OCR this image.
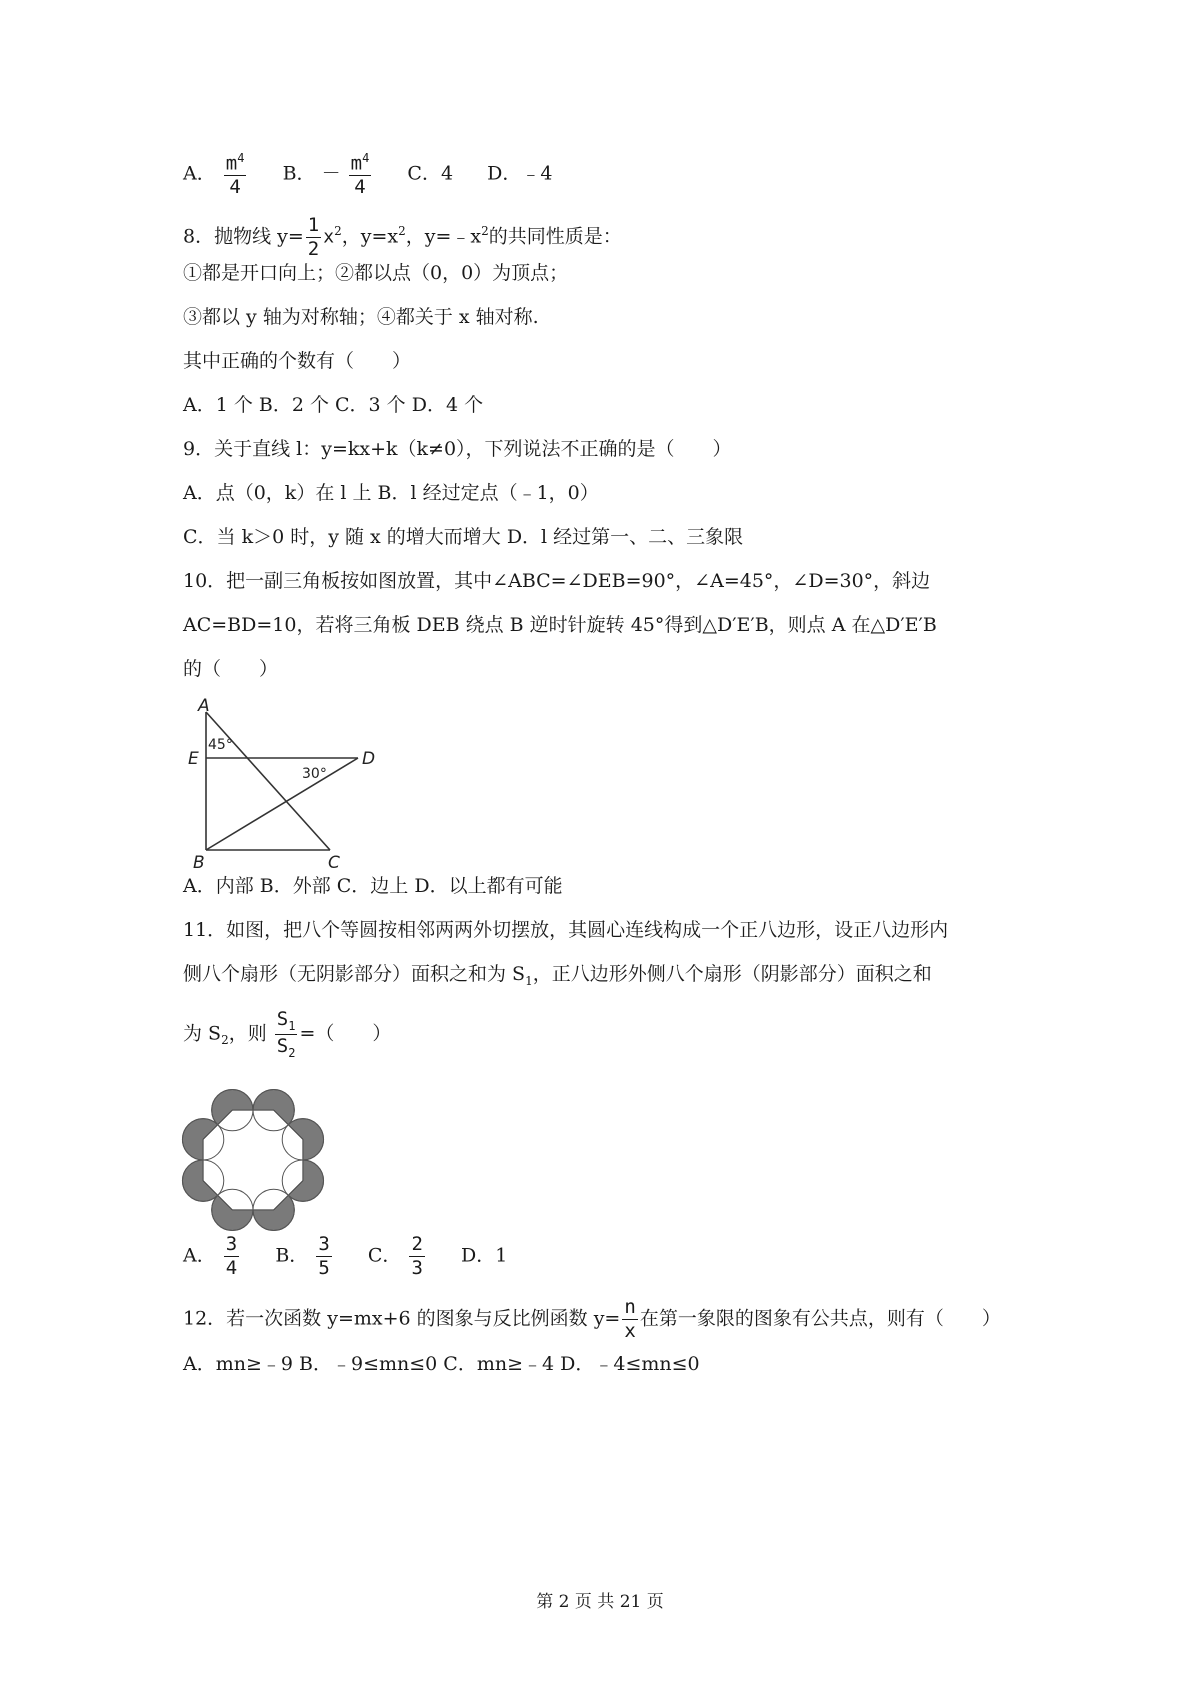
A． $\frac{m^4}{4}$ B． － $\frac{m^4}{4}$ C．4 D．﹣4
8．抛物线 $y= \frac{1}{2} x^2$，$y=x^2$，$y=﹣x^2$的共同性质是：
①都是开口向上；②都以点（0，0）为顶点；
③都以 y 轴为对称轴；④都关于 x 轴对称.
其中正确的个数有（　　）
A．1 个 B．2 个 C．3 个 D．4 个
9．关于直线 l：y=kx+k（k≠0），下列说法不正确的是（　　）
A．点（0，k）在 l 上 B．l 经过定点（﹣1，0）
C．当 k＞0 时，y 随 x 的增大而增大 D．l 经过第一、二、三象限
10．把一副三角板按如图放置，其中∠ABC=∠DEB=90°，∠A=45°，∠D=30°，斜边
AC=BD=10，若将三角板 DEB 绕点 B 逆时针旋转 45°得到△D′E′B，则点 A 在△D′E′B
的（　　）
A
E	D
B	C
45°
30°
A．内部 B．外部 C．边上 D．以上都有可能
11．如图，把八个等圆按相邻两两外切摆放，其圆心连线构成一个正八边形，设正八边形内
侧八个扇形（无阴影部分）面积之和为 $S_1$，正八边形外侧八个扇形（阴影部分）面积之和
为 $S_2$，则 $\frac{S_1}{S_2}$ =（　　）
A． $\frac{3}{4}$ B． $\frac{3}{5}$ C． $\frac{2}{3}$ D．1
12．若一次函数 y=mx+6 的图象与反比例函数 $y= \frac{n}{x}$ 在第一象限的图象有公共点，则有（　　）
A．mn≥﹣9 B．﹣9≤mn≤0 C．mn≥﹣4 D．﹣4≤mn≤0
第 2 页 共 21 页
